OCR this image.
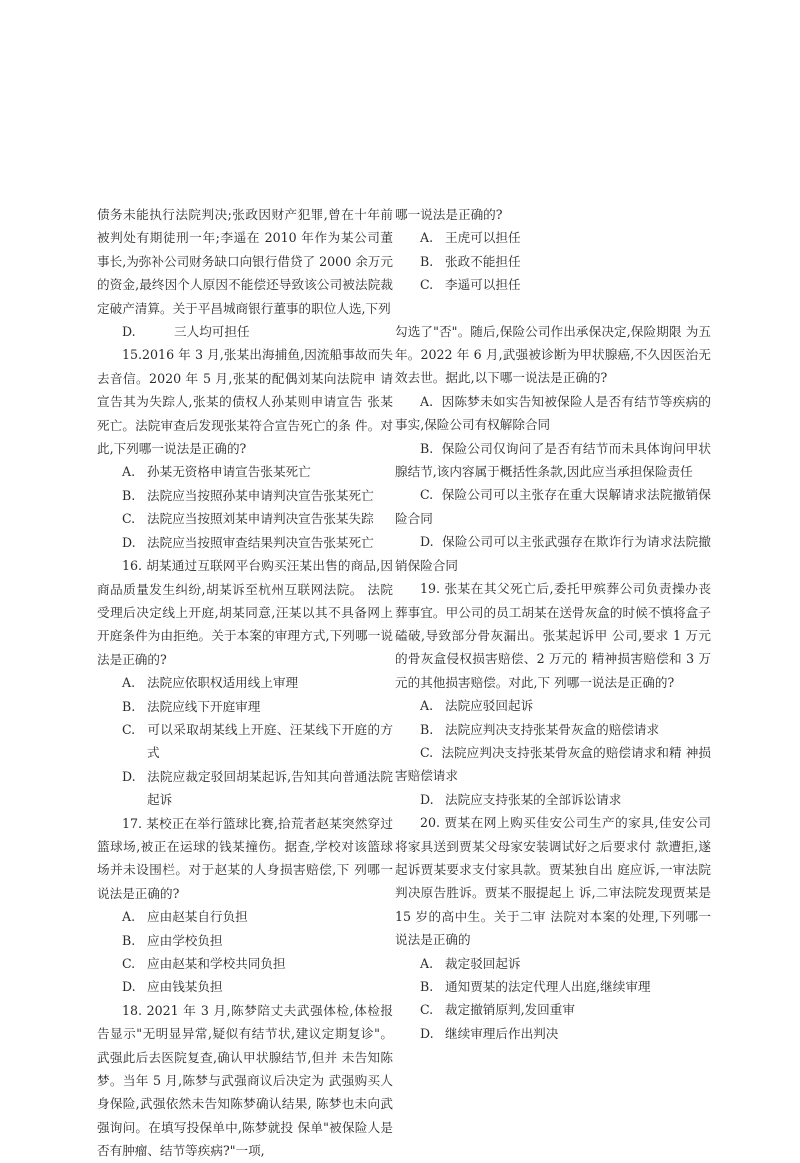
债务未能执行法院判决;张政因财产犯罪,曾在十年前被判处有期徒刑一年;李遥在 2010 年作为某公司董事长,为弥补公司财务缺口向银行借贷了 2000 余万元的资金,最终因个人原因不能偿还导致该公司被法院裁定破产清算。关于平昌城商银行董事的职位人选,下列

D.	三人均可担任

15.2016 年 3 月,张某出海捕鱼,因流船事故而失去音信。2020 年 5 月,张某的配偶刘某向法院申 请宣告其为失踪人,张某的债权人孙某则申请宣告 张某死亡。法院审查后发现张某符合宣告死亡的条 件。对此,下列哪一说法是正确的?

A. 孙某无资格申请宣告张某死亡

B. 法院应当按照孙某申请判决宣告张某死亡

C. 法院应当按照刘某申请判决宣告张某失踪

D. 法院应当按照审查结果判决宣告张某死亡

16. 胡某通过互联网平台购买汪某出售的商品,因商品质量发生纠纷,胡某诉至杭州互联网法院。 法院受理后决定线上开庭,胡某同意,汪某以其不具备网上开庭条件为由拒绝。关于本案的审理方式,下列哪一说法是正确的?

A. 法院应依职权适用线上审理

B. 法院应线下开庭审理

C. 可以采取胡某线上开庭、汪某线下开庭的方式

D. 法院应裁定驳回胡某起诉,告知其向普通法院起诉

17. 某校正在举行篮球比赛,拾荒者赵某突然穿过篮球场,被正在运球的钱某撞伤。据查,学校对该篮球场并未设围栏。对于赵某的人身损害赔偿,下 列哪一说法是正确的?

A. 应由赵某自行负担

B. 应由学校负担

C. 应由赵某和学校共同负担

D. 应由钱某负担

18. 2021 年 3 月,陈梦陪丈夫武强体检,体检报告显示"无明显异常,疑似有结节状,建议定期复诊"。武强此后去医院复查,确认甲状腺结节,但并 未告知陈梦。当年 5 月,陈梦与武强商议后决定为 武强购买人身保险,武强依然未告知陈梦确认结果, 陈梦也未向武强询问。在填写投保单中,陈梦就投 保单"被保险人是否有肿瘤、结节等疾病?"一项,

哪一说法是正确的?

A. 王虎可以担任

B. 张政不能担任

C. 李遥可以担任

勾选了"否"。随后,保险公司作出承保决定,保险期限 为五年。2022 年 6 月,武强被诊断为甲状腺癌,不久因医治无效去世。据此,以下哪一说法是正确的?

A. 因陈梦未如实告知被保险人是否有结节等疾病的事实,保险公司有权解除合同

B. 保险公司仅询问了是否有结节而未具体询问甲状腺结节,该内容属于概括性条款,因此应当承担保险责任

C. 保险公司可以主张存在重大误解请求法院撤销保险合同

D. 保险公司可以主张武强存在欺诈行为请求法院撤销保险合同

19. 张某在其父死亡后,委托甲殡葬公司负责操办丧葬事宜。甲公司的员工胡某在送骨灰盒的时候不慎将盒子磕破,导致部分骨灰漏出。张某起诉甲 公司,要求 1 万元的骨灰盒侵权损害赔偿、2 万元的 精神损害赔偿和 3 万元的其他损害赔偿。对此,下 列哪一说法是正确的?

A. 法院应驳回起诉

B. 法院应判决支持张某骨灰盒的赔偿请求

C. 法院应判决支持张某骨灰盒的赔偿请求和精 神损害赔偿请求

D. 法院应支持张某的全部诉讼请求

20. 贾某在网上购买佳安公司生产的家具,佳安公司将家具送到贾某父母家安装调试好之后要求付 款遭拒,遂起诉贾某要求支付家具款。贾某独自出 庭应诉,一审法院判决原告胜诉。贾某不服提起上 诉,二审法院发现贾某是 15 岁的高中生。关于二审 法院对本案的处理,下列哪一说法是正确的

A. 裁定驳回起诉

B. 通知贾某的法定代理人出庭,继续审理

C. 裁定撤销原判,发回重审

D. 继续审理后作出判决
